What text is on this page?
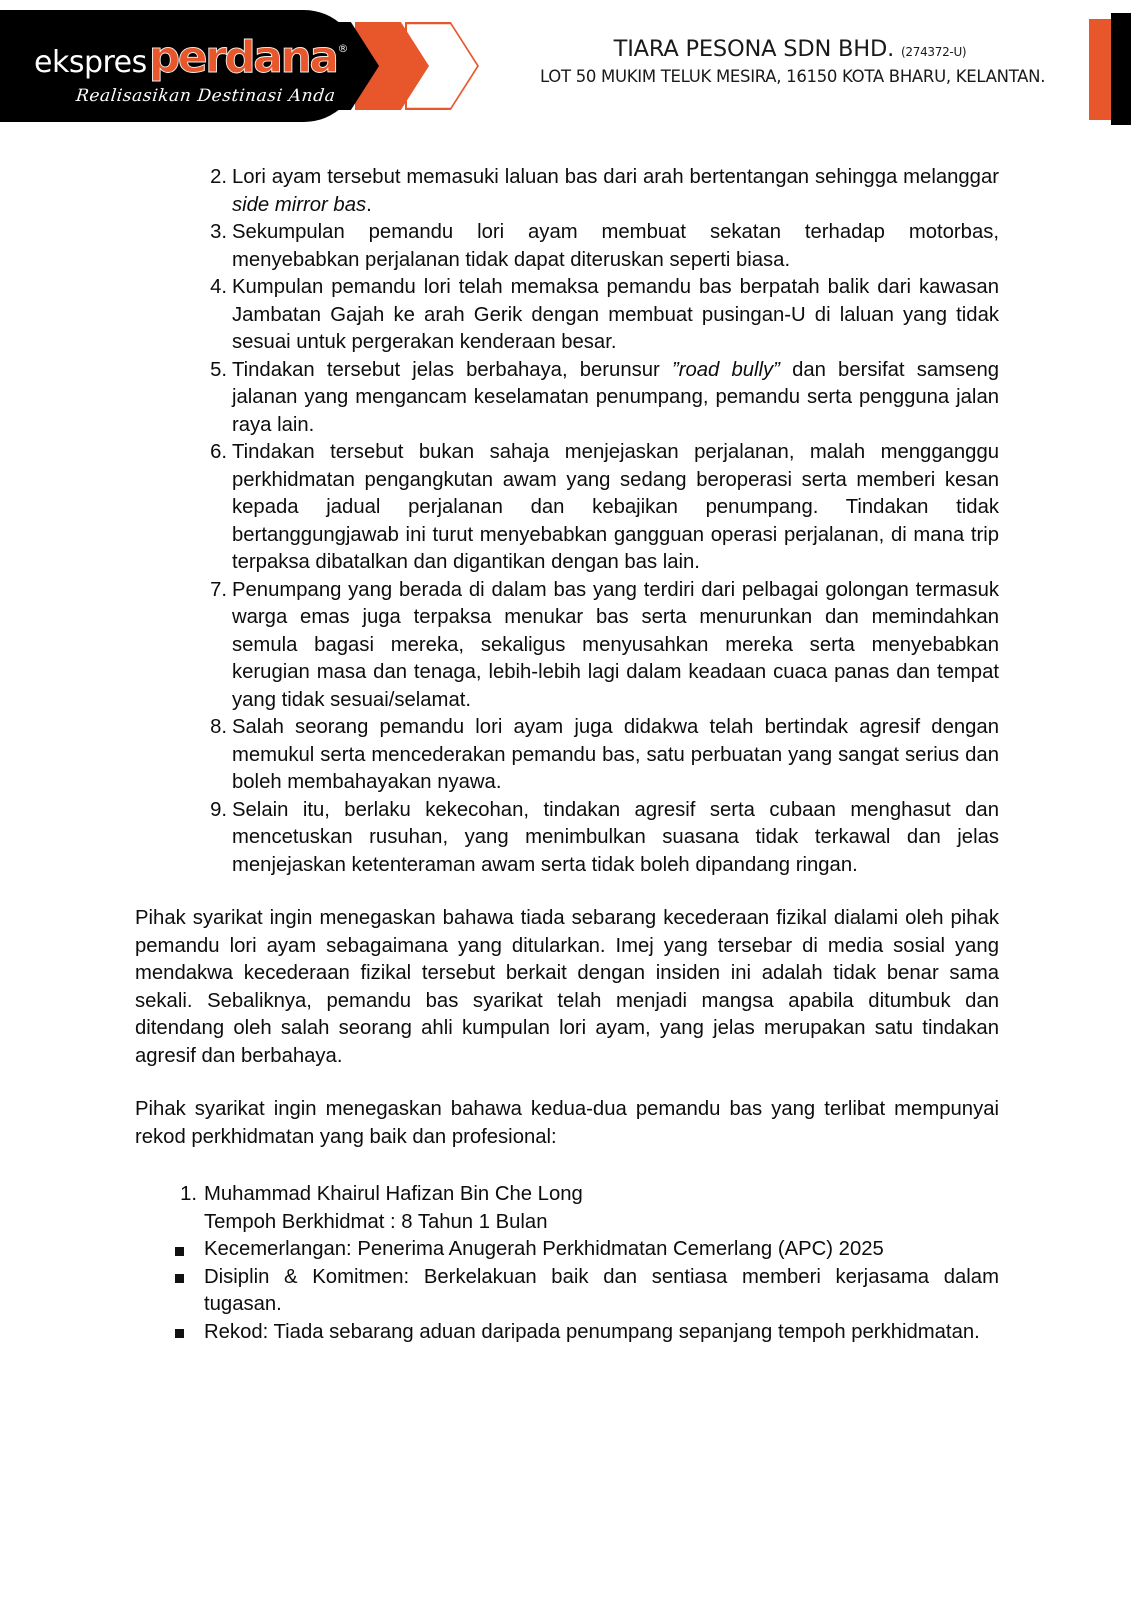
ekspresperdana®
Realisasikan Destinasi Anda
TIARA PESONA SDN BHD. (274372-U)
LOT 50 MUKIM TELUK MESIRA, 16150 KOTA BHARU, KELANTAN.
2. Lori ayam tersebut memasuki laluan bas dari arah bertentangan sehingga melanggar side mirror bas.
3. Sekumpulan pemandu lori ayam membuat sekatan terhadap motorbas, menyebabkan perjalanan tidak dapat diteruskan seperti biasa.
4. Kumpulan pemandu lori telah memaksa pemandu bas berpatah balik dari kawasan Jambatan Gajah ke arah Gerik dengan membuat pusingan-U di laluan yang tidak sesuai untuk pergerakan kenderaan besar.
5. Tindakan tersebut jelas berbahaya, berunsur ”road bully” dan bersifat samseng jalanan yang mengancam keselamatan penumpang, pemandu serta pengguna jalan raya lain.
6. Tindakan tersebut bukan sahaja menjejaskan perjalanan, malah mengganggu perkhidmatan pengangkutan awam yang sedang beroperasi serta memberi kesan kepada jadual perjalanan dan kebajikan penumpang. Tindakan tidak bertanggungjawab ini turut menyebabkan gangguan operasi perjalanan, di mana trip terpaksa dibatalkan dan digantikan dengan bas lain.
7. Penumpang yang berada di dalam bas yang terdiri dari pelbagai golongan termasuk warga emas juga terpaksa menukar bas serta menurunkan dan memindahkan semula bagasi mereka, sekaligus menyusahkan mereka serta menyebabkan kerugian masa dan tenaga, lebih-lebih lagi dalam keadaan cuaca panas dan tempat yang tidak sesuai/selamat.
8. Salah seorang pemandu lori ayam juga didakwa telah bertindak agresif dengan memukul serta mencederakan pemandu bas, satu perbuatan yang sangat serius dan boleh membahayakan nyawa.
9. Selain itu, berlaku kekecohan, tindakan agresif serta cubaan menghasut dan mencetuskan rusuhan, yang menimbulkan suasana tidak terkawal dan jelas menjejaskan ketenteraman awam serta tidak boleh dipandang ringan.
Pihak syarikat ingin menegaskan bahawa tiada sebarang kecederaan fizikal dialami oleh pihak pemandu lori ayam sebagaimana yang ditularkan. Imej yang tersebar di media sosial yang mendakwa kecederaan fizikal tersebut berkait dengan insiden ini adalah tidak benar sama sekali. Sebaliknya, pemandu bas syarikat telah menjadi mangsa apabila ditumbuk dan ditendang oleh salah seorang ahli kumpulan lori ayam, yang jelas merupakan satu tindakan agresif dan berbahaya.
Pihak syarikat ingin menegaskan bahawa kedua-dua pemandu bas yang terlibat mempunyai rekod perkhidmatan yang baik dan profesional:
1. Muhammad Khairul Hafizan Bin Che Long
Tempoh Berkhidmat : 8 Tahun 1 Bulan
Kecemerlangan: Penerima Anugerah Perkhidmatan Cemerlang (APC) 2025
Disiplin & Komitmen: Berkelakuan baik dan sentiasa memberi kerjasama dalam tugasan.
Rekod: Tiada sebarang aduan daripada penumpang sepanjang tempoh perkhidmatan.
